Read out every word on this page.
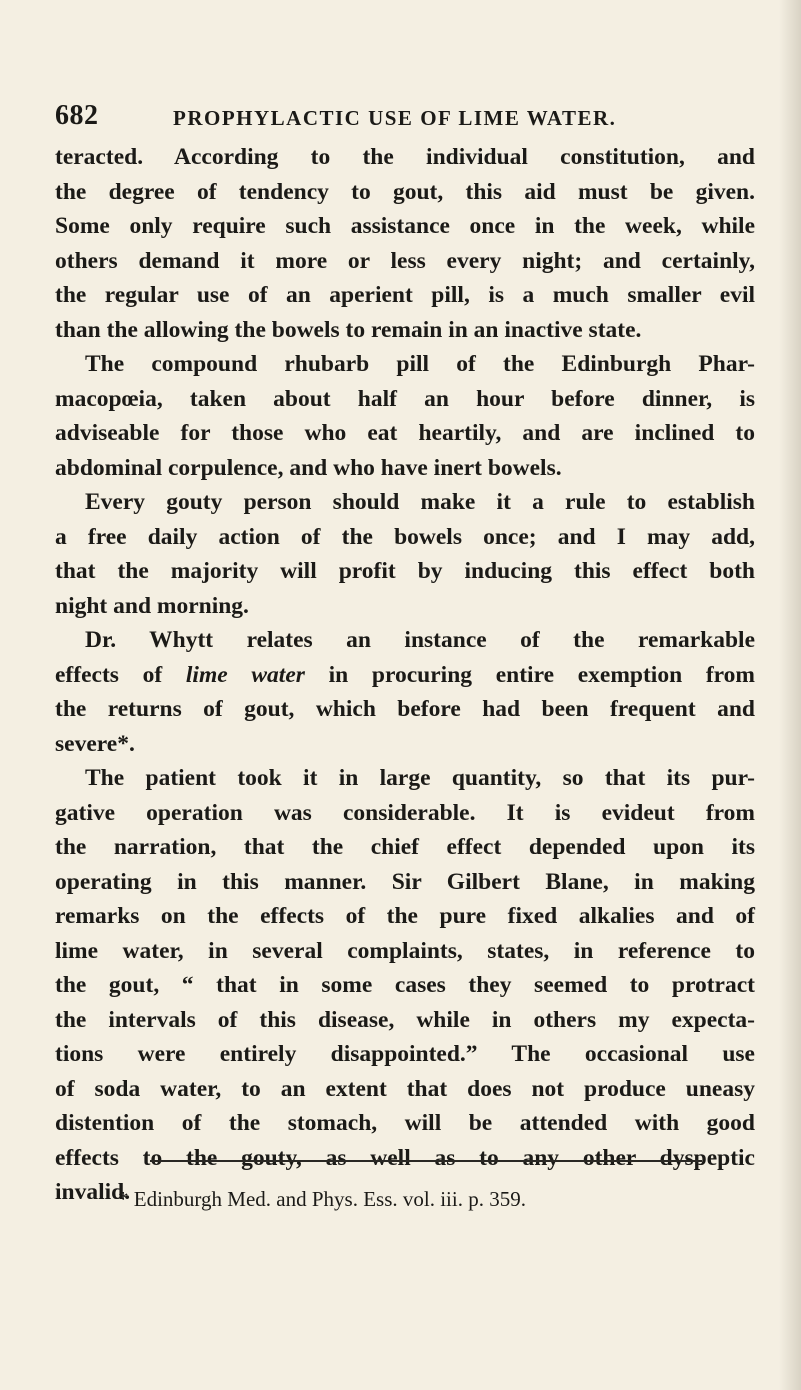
682	PROPHYLACTIC USE OF LIME WATER.
teracted. According to the individual constitution, and
the degree of tendency to gout, this aid must be given.
Some only require such assistance once in the week, while
others demand it more or less every night; and certainly,
the regular use of an aperient pill, is a much smaller evil
than the allowing the bowels to remain in an inactive state.
The compound rhubarb pill of the Edinburgh Phar-
macopœia, taken about half an hour before dinner, is
adviseable for those who eat heartily, and are inclined to
abdominal corpulence, and who have inert bowels.
Every gouty person should make it a rule to establish
a free daily action of the bowels once; and I may add,
that the majority will profit by inducing this effect both
night and morning.
Dr. Whytt relates an instance of the remarkable
effects of lime water in procuring entire exemption from
the returns of gout, which before had been frequent and
severe*.
The patient took it in large quantity, so that its pur-
gative operation was considerable. It is evideut from
the narration, that the chief effect depended upon its
operating in this manner. Sir Gilbert Blane, in making
remarks on the effects of the pure fixed alkalies and of
lime water, in several complaints, states, in reference to
the gout, “ that in some cases they seemed to protract
the intervals of this disease, while in others my expecta-
tions were entirely disappointed.” The occasional use
of soda water, to an extent that does not produce uneasy
distention of the stomach, will be attended with good
effects to the gouty, as well as to any other dyspeptic
invalid.
* Edinburgh Med. and Phys. Ess. vol. iii. p. 359.
